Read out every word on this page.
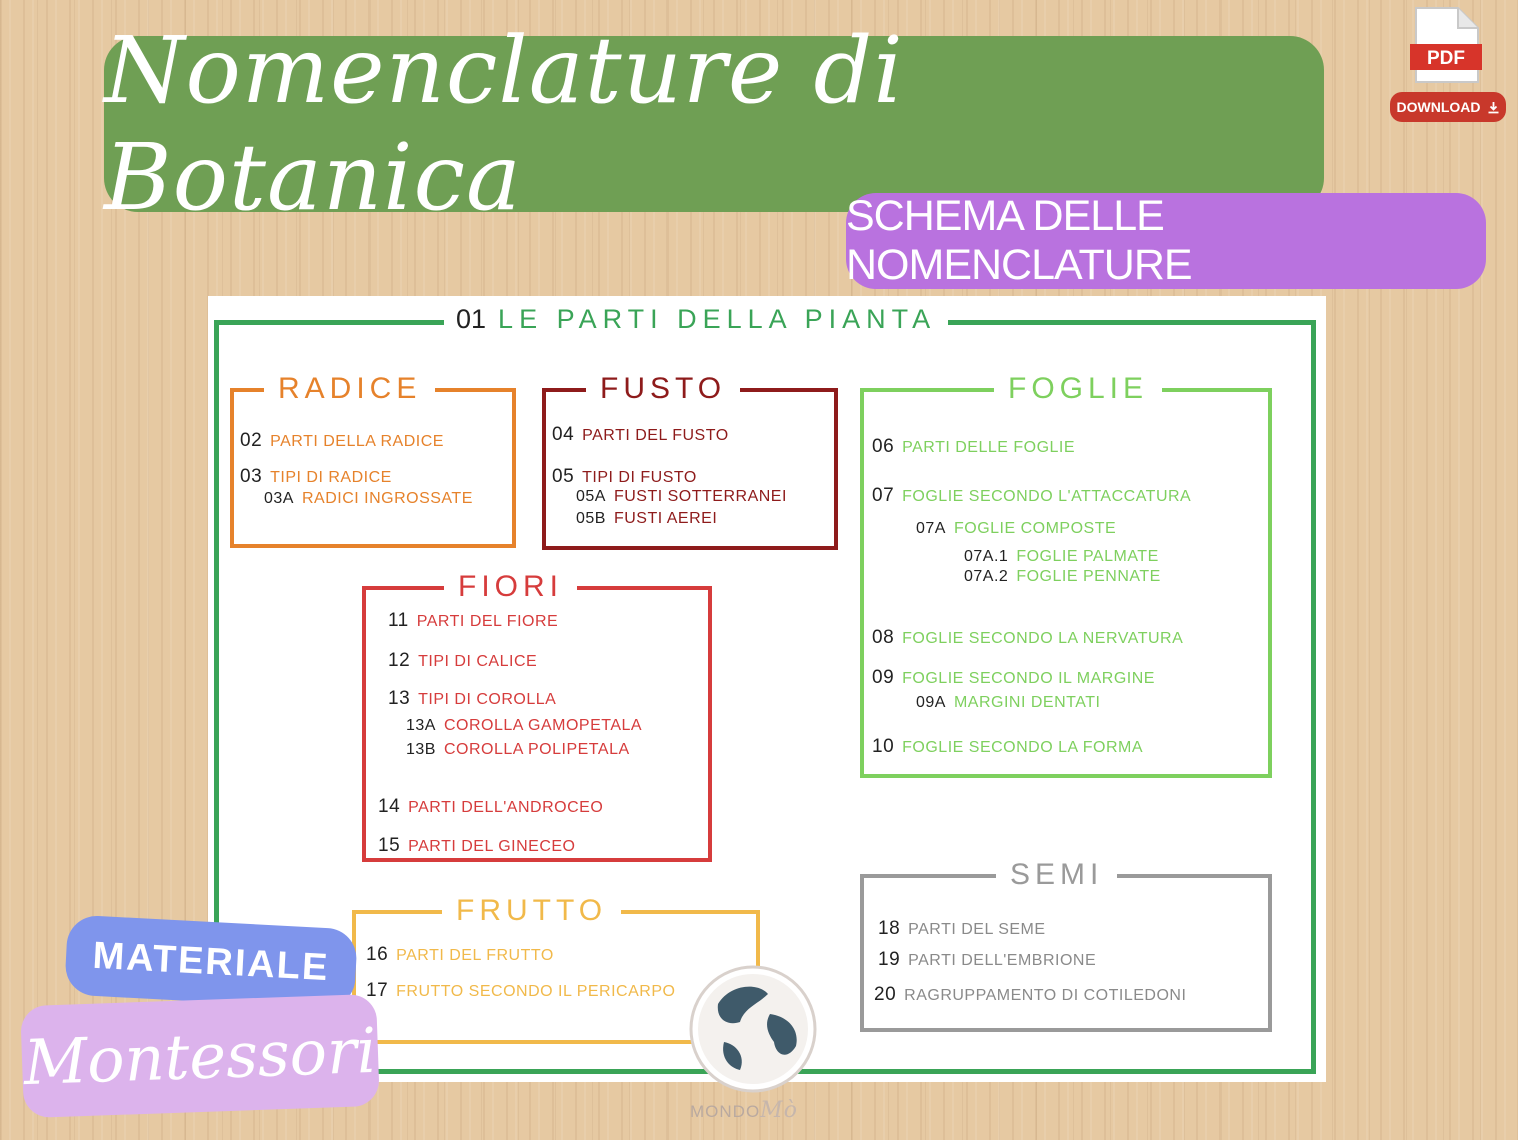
Nomenclature di Botanica	SCHEMA DELLE NOMENCLATURE
PDF
DOWNLOAD
01 LE PARTI DELLA PIANTA
RADICE
02 PARTI DELLA RADICE
03 TIPI DI RADICE
03A RADICI INGROSSATE
FUSTO
04 PARTI DEL FUSTO
05 TIPI DI FUSTO
05A FUSTI SOTTERRANEI
05B FUSTI AEREI
FOGLIE
06 PARTI DELLE FOGLIE
07 FOGLIE SECONDO L'ATTACCATURA
07A FOGLIE COMPOSTE
07A.1 FOGLIE PALMATE
07A.2 FOGLIE PENNATE
08 FOGLIE SECONDO LA NERVATURA
09 FOGLIE SECONDO IL MARGINE
09A MARGINI DENTATI
10 FOGLIE SECONDO LA FORMA
FIORI
11 PARTI DEL FIORE
12 TIPI DI CALICE
13 TIPI DI COROLLA
13A COROLLA GAMOPETALA
13B COROLLA POLIPETALA
14 PARTI DELL'ANDROCEO
15 PARTI DEL GINECEO
FRUTTO
16 PARTI DEL FRUTTO
17 FRUTTO SECONDO IL PERICARPO
SEMI
18 PARTI DEL SEME
19 PARTI DELL'EMBRIONE
20 RAGRUPPAMENTO DI COTILEDONI
MATERIALE
Montessori
MONDOMò
